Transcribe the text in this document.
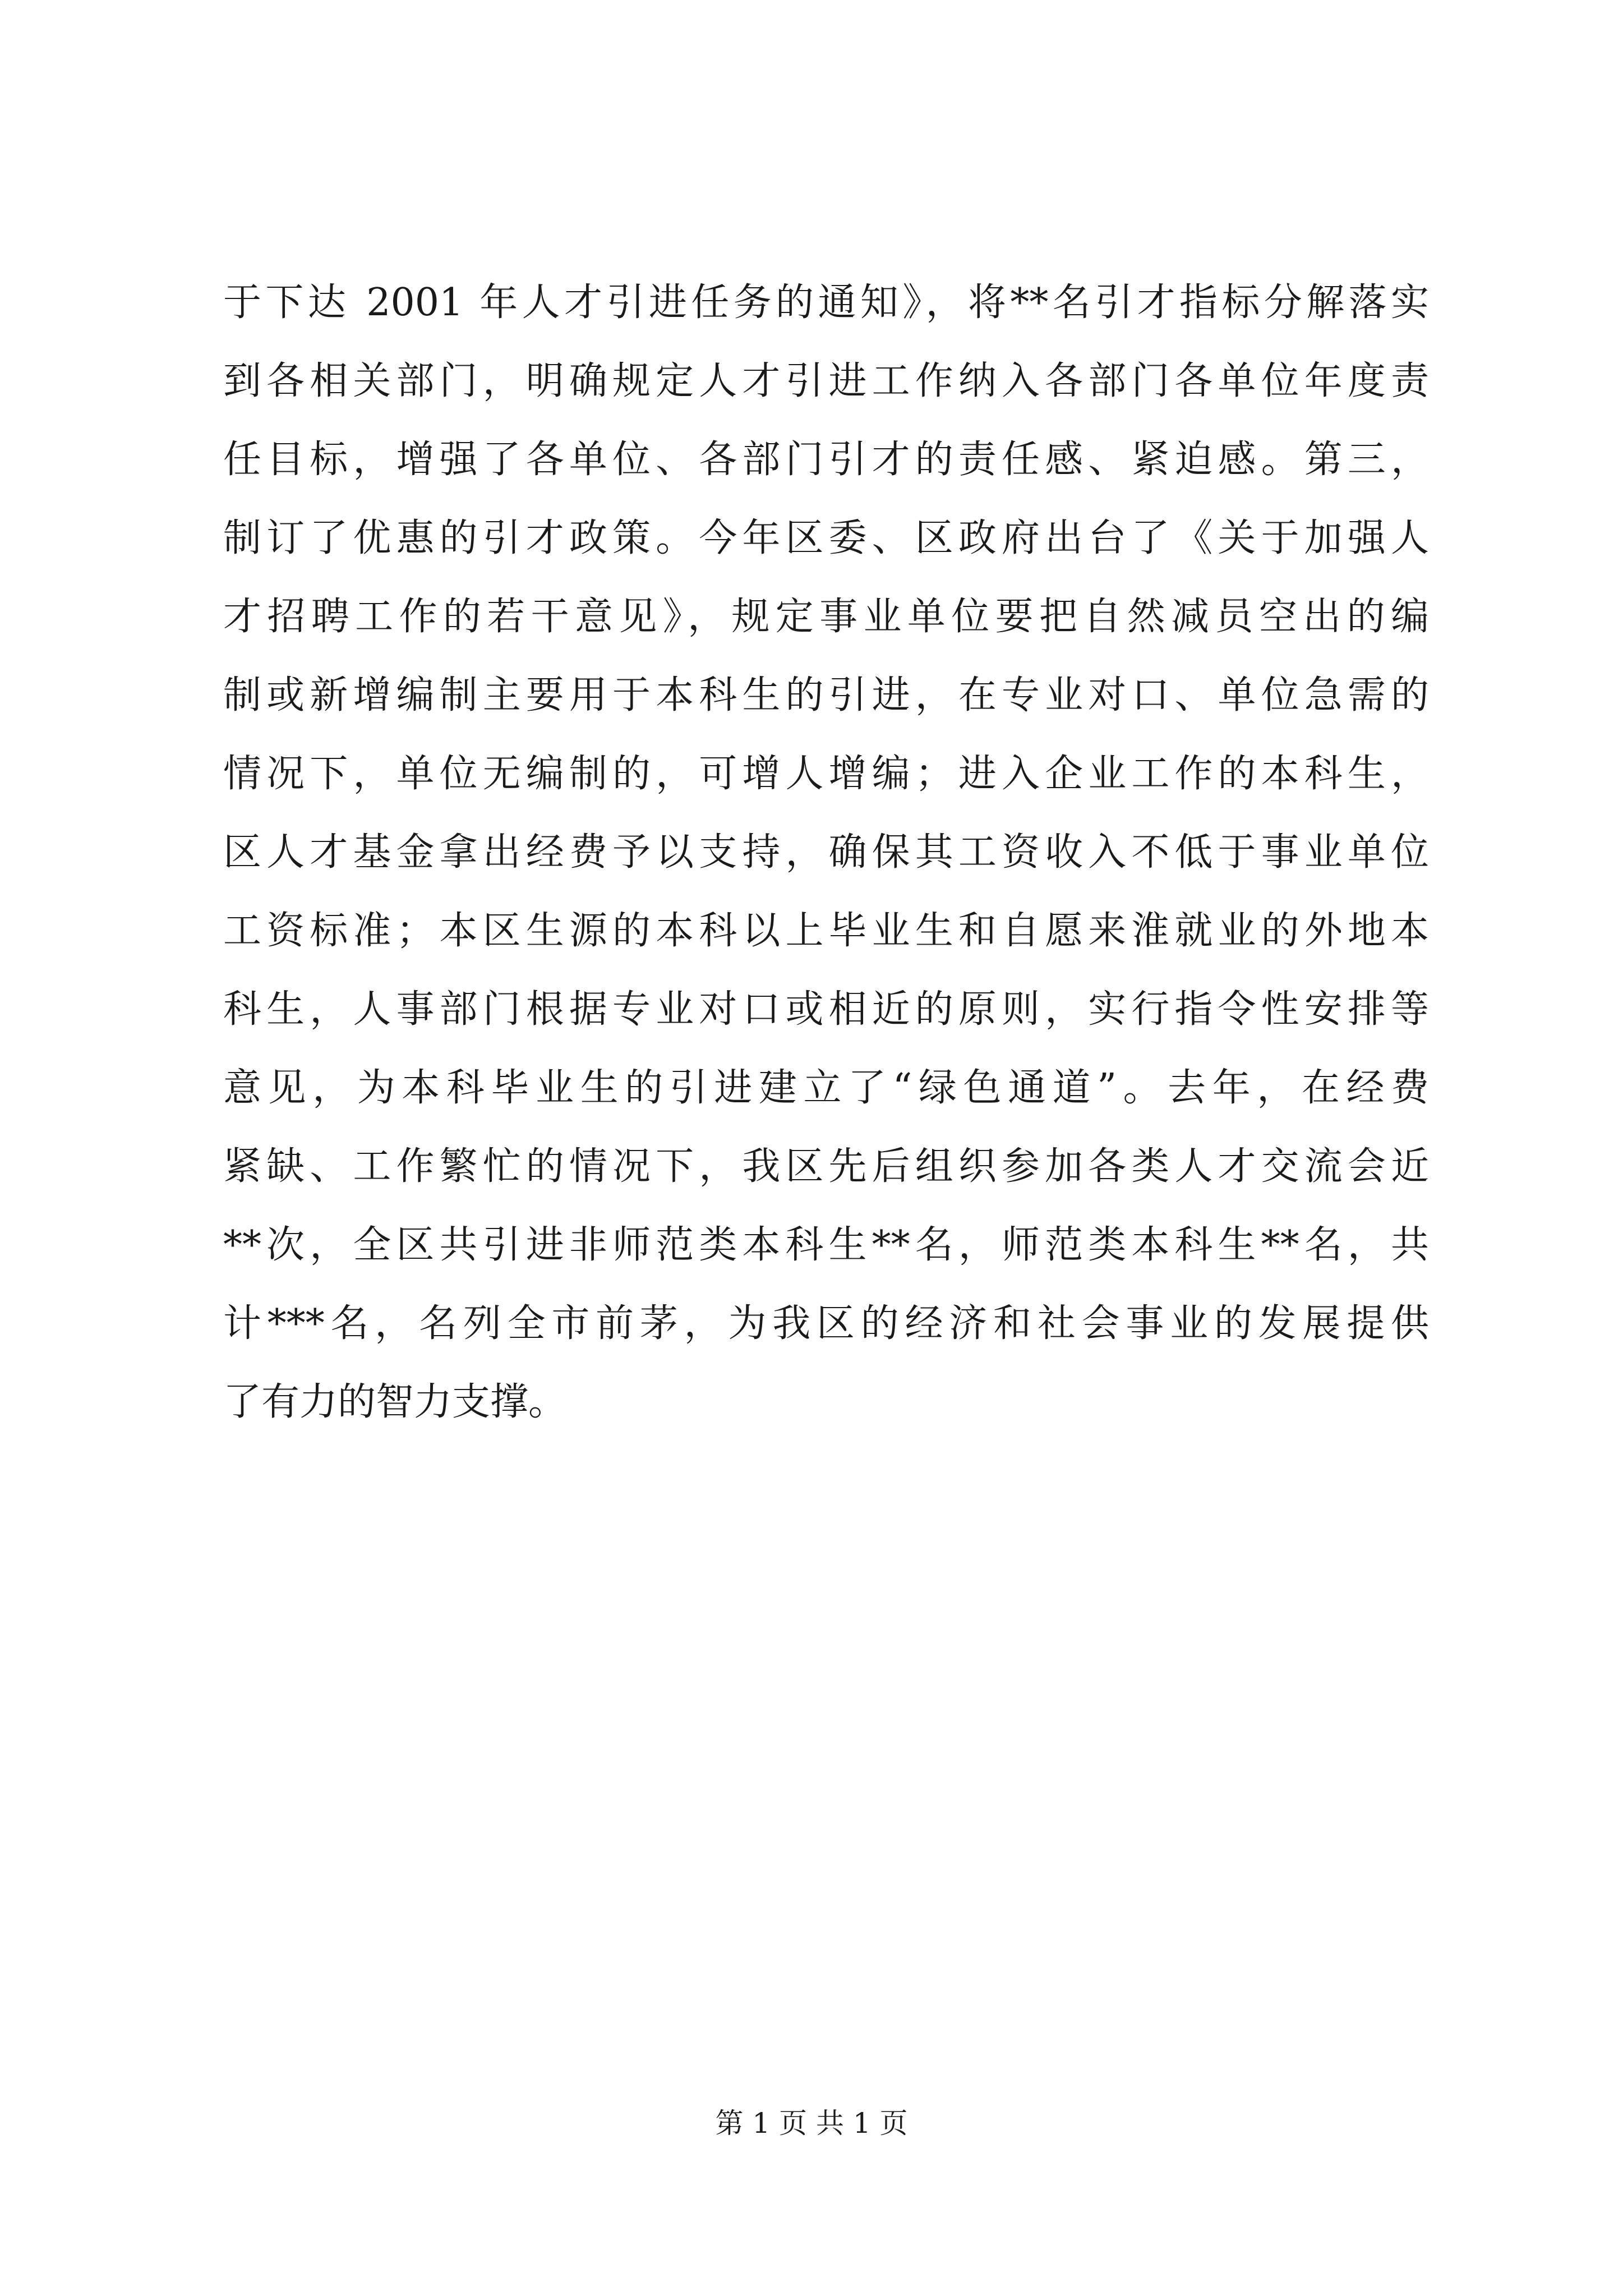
于下达 2001 年人才引进任务的通知》，将**名引才指标分解落实
到各相关部门，明确规定人才引进工作纳入各部门各单位年度责
任目标，增强了各单位、各部门引才的责任感、紧迫感。第三，
制订了优惠的引才政策。今年区委、区政府出台了《关于加强人
才招聘工作的若干意见》，规定事业单位要把自然减员空出的编
制或新增编制主要用于本科生的引进，在专业对口、单位急需的
情况下，单位无编制的，可增人增编；进入企业工作的本科生，
区人才基金拿出经费予以支持，确保其工资收入不低于事业单位
工资标准；本区生源的本科以上毕业生和自愿来淮就业的外地本
科生，人事部门根据专业对口或相近的原则，实行指令性安排等
意见，为本科毕业生的引进建立了“绿色通道”。去年，在经费
紧缺、工作繁忙的情况下，我区先后组织参加各类人才交流会近
**次，全区共引进非师范类本科生**名，师范类本科生**名，共
计***名，名列全市前茅，为我区的经济和社会事业的发展提供
了有力的智力支撑。
第 1 页 共 1 页
